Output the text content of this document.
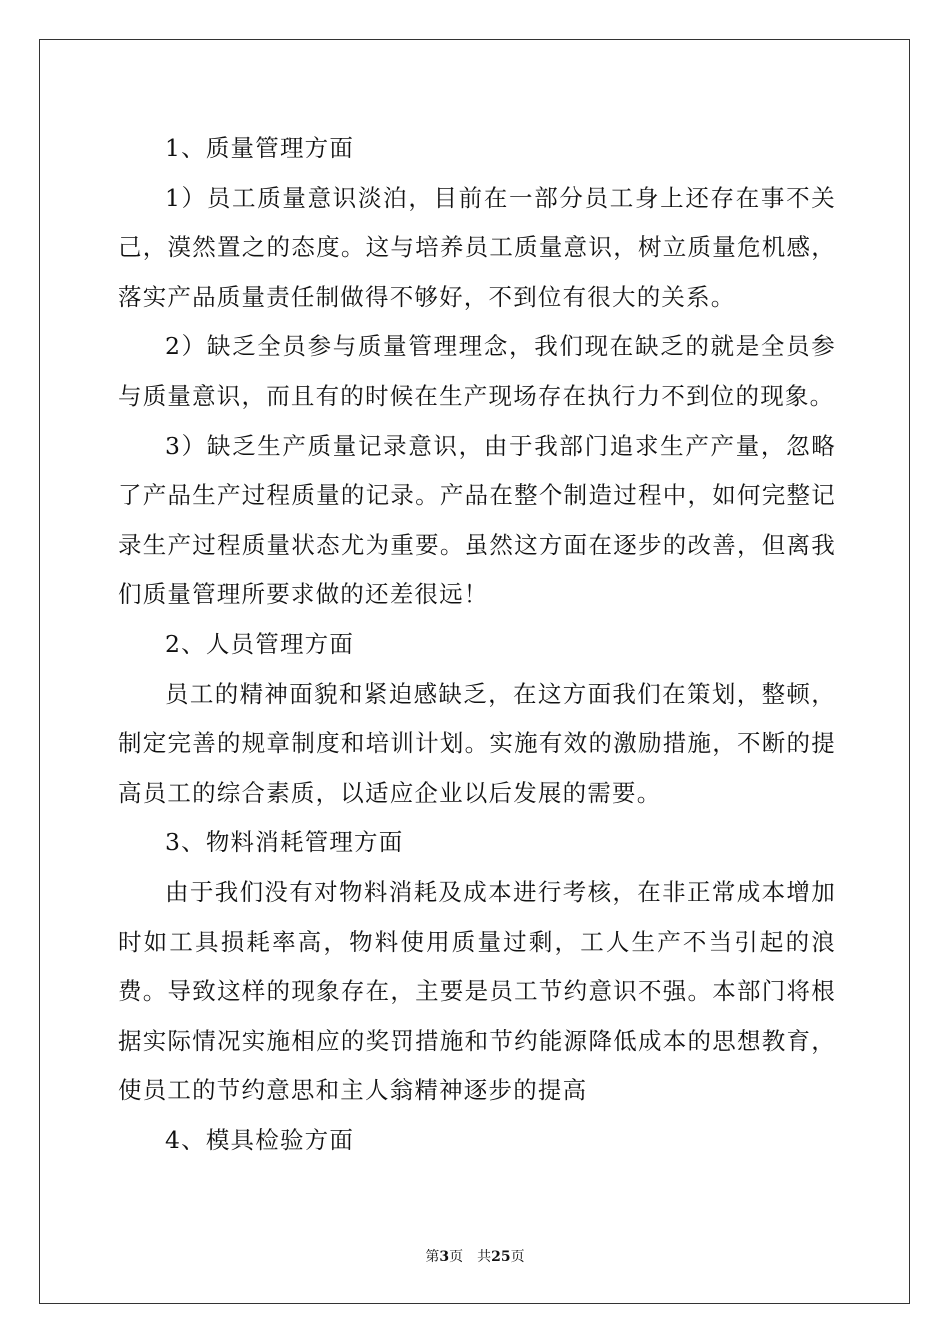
1、质量管理方面

1）员工质量意识淡泊，目前在一部分员工身上还存在事不关己，漠然置之的态度。这与培养员工质量意识，树立质量危机感，落实产品质量责任制做得不够好，不到位有很大的关系。

2）缺乏全员参与质量管理理念，我们现在缺乏的就是全员参与质量意识，而且有的时候在生产现场存在执行力不到位的现象。

3）缺乏生产质量记录意识，由于我部门追求生产产量，忽略了产品生产过程质量的记录。产品在整个制造过程中，如何完整记录生产过程质量状态尤为重要。虽然这方面在逐步的改善，但离我们质量管理所要求做的还差很远！

2、人员管理方面

员工的精神面貌和紧迫感缺乏，在这方面我们在策划，整顿，制定完善的规章制度和培训计划。实施有效的激励措施，不断的提高员工的综合素质，以适应企业以后发展的需要。

3、物料消耗管理方面

由于我们没有对物料消耗及成本进行考核，在非正常成本增加时如工具损耗率高，物料使用质量过剩，工人生产不当引起的浪费。导致这样的现象存在，主要是员工节约意识不强。本部门将根据实际情况实施相应的奖罚措施和节约能源降低成本的思想教育，使员工的节约意思和主人翁精神逐步的提高

4、模具检验方面

第3页 共25页
